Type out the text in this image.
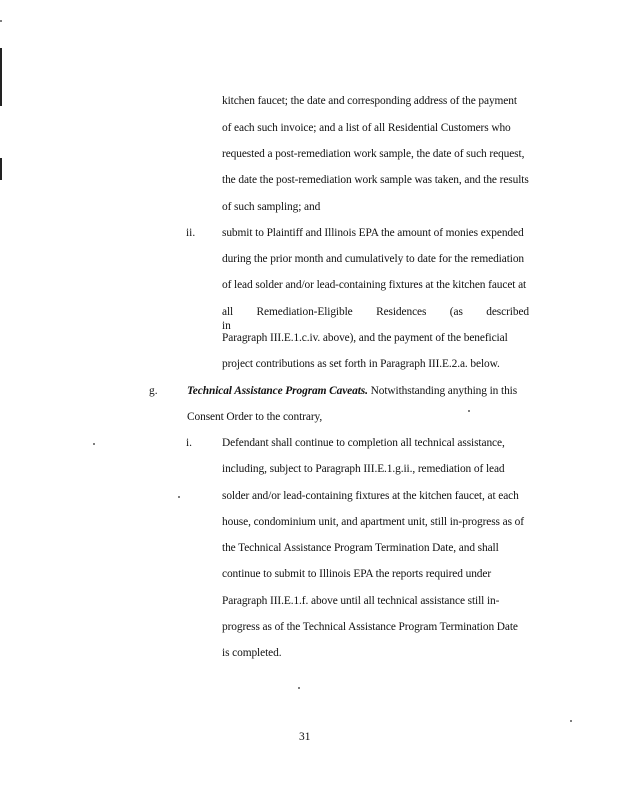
kitchen faucet; the date and corresponding address of the payment
of each such invoice; and a list of all Residential Customers who
requested a post-remediation work sample, the date of such request,
the date the post-remediation work sample was taken, and the results
of such sampling; and
ii. submit to Plaintiff and Illinois EPA the amount of monies expended
during the prior month and cumulatively to date for the remediation
of lead solder and/or lead-containing fixtures at the kitchen faucet at
all Remediation-Eligible Residences (as described in
Paragraph III.E.1.c.iv. above), and the payment of the beneficial
project contributions as set forth in Paragraph III.E.2.a. below.
g.	Technical Assistance Program Caveats. Notwithstanding anything in this
Consent Order to the contrary,
i.	Defendant shall continue to completion all technical assistance,
including, subject to Paragraph III.E.1.g.ii., remediation of lead
solder and/or lead-containing fixtures at the kitchen faucet, at each
house, condominium unit, and apartment unit, still in-progress as of
the Technical Assistance Program Termination Date, and shall
continue to submit to Illinois EPA the reports required under
Paragraph III.E.1.f. above until all technical assistance still in-
progress as of the Technical Assistance Program Termination Date
is completed.
31
